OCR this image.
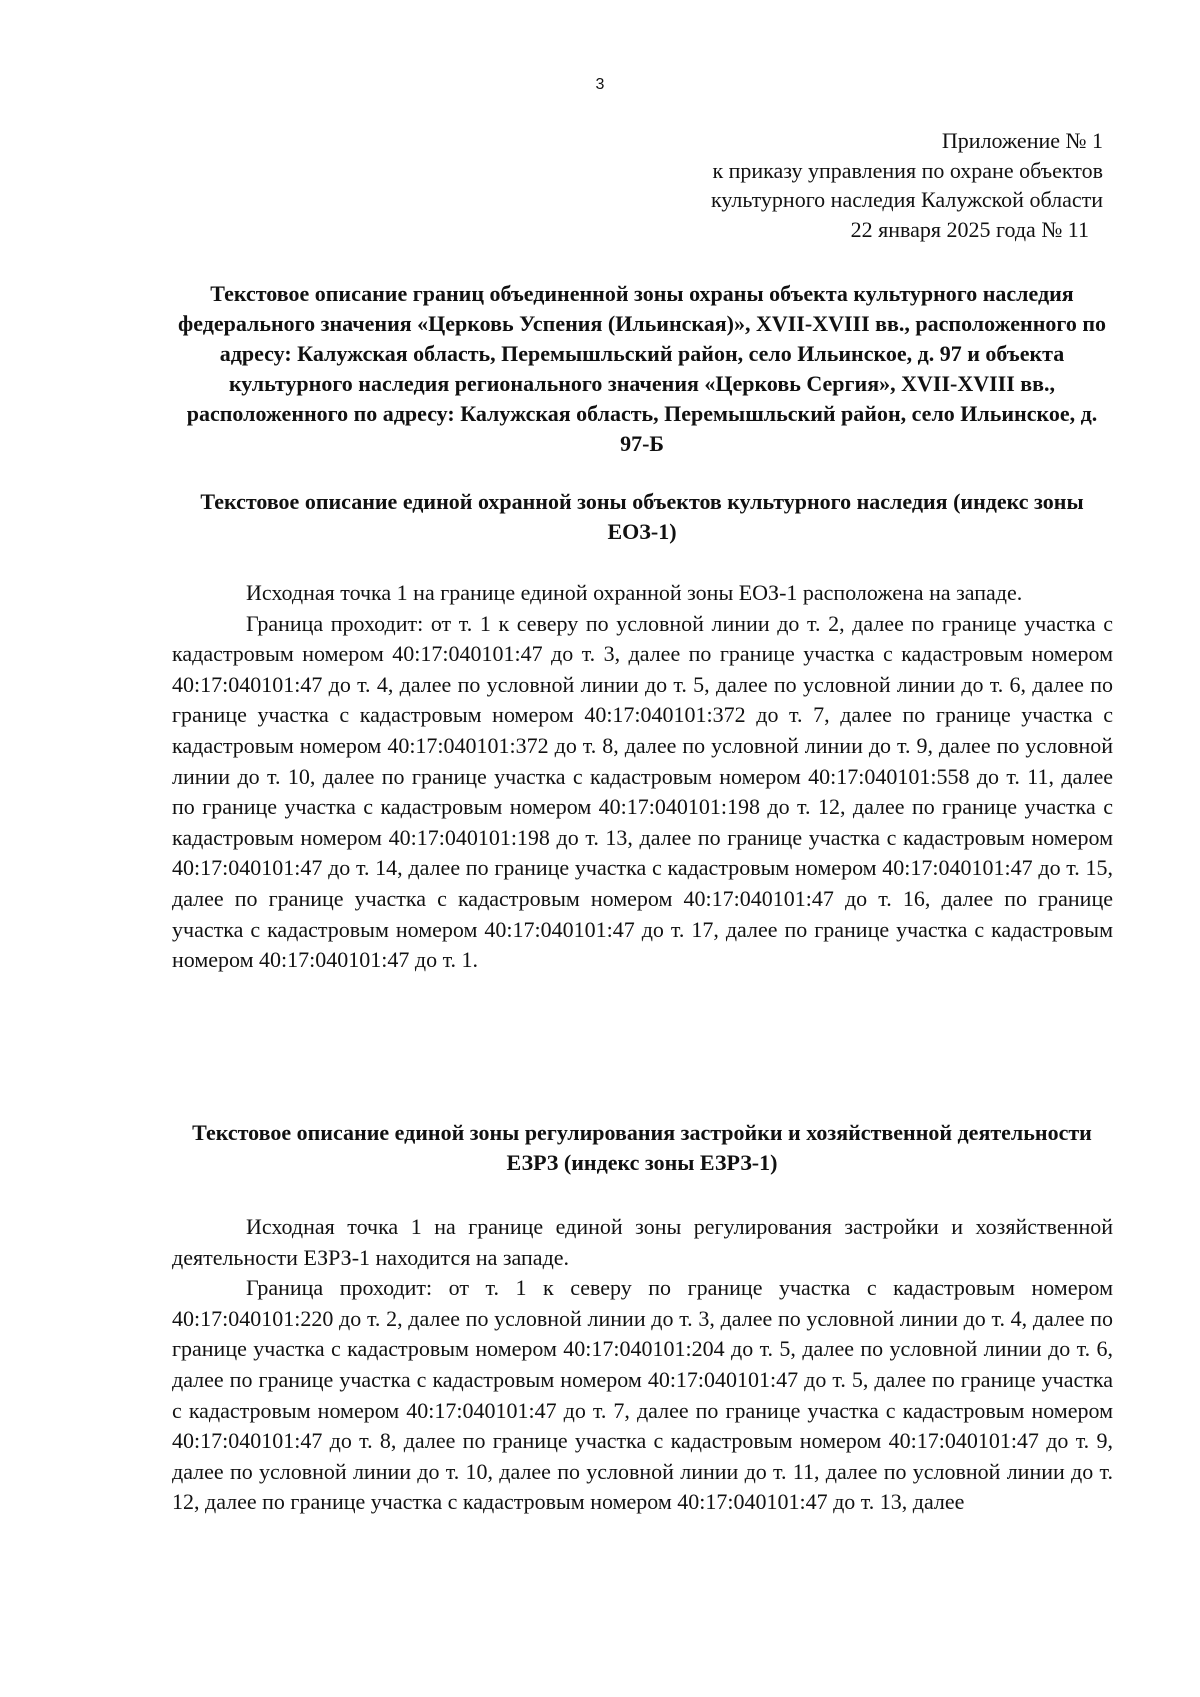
3
Приложение № 1
к приказу управления по охране объектов
культурного наследия Калужской области
22 января 2025 года № 11
Текстовое описание границ объединенной зоны охраны объекта культурного наследия федерального значения «Церковь Успения (Ильинская)», XVII-XVIII вв., расположенного по адресу: Калужская область, Перемышльский район, село Ильинское, д. 97 и объекта культурного наследия регионального значения «Церковь Сергия», XVII-XVIII вв., расположенного по адресу: Калужская область, Перемышльский район, село Ильинское, д. 97-Б
Текстовое описание единой охранной зоны объектов культурного наследия (индекс зоны ЕОЗ-1)

Исходная точка 1 на границе единой охранной зоны ЕОЗ-1 расположена на западе.

Граница проходит: от т. 1 к северу по условной линии до т. 2, далее по границе участка с кадастровым номером 40:17:040101:47 до т. 3, далее по границе участка с кадастровым номером 40:17:040101:47 до т. 4, далее по условной линии до т. 5, далее по условной линии до т. 6, далее по границе участка с кадастровым номером 40:17:040101:372 до т. 7, далее по границе участка с кадастровым номером 40:17:040101:372 до т. 8, далее по условной линии до т. 9, далее по условной линии до т. 10, далее по границе участка с кадастровым номером 40:17:040101:558 до т. 11, далее по границе участка с кадастровым номером 40:17:040101:198 до т. 12, далее по границе участка с кадастровым номером 40:17:040101:198 до т. 13, далее по границе участка с кадастровым номером 40:17:040101:47 до т. 14, далее по границе участка с кадастровым номером 40:17:040101:47 до т. 15, далее по границе участка с кадастровым номером 40:17:040101:47 до т. 16, далее по границе участка с кадастровым номером 40:17:040101:47 до т. 17, далее по границе участка с кадастровым номером 40:17:040101:47 до т. 1.

Текстовое описание единой зоны регулирования застройки и хозяйственной деятельности ЕЗРЗ (индекс зоны ЕЗРЗ-1)

Исходная точка 1 на границе единой зоны регулирования застройки и хозяйственной деятельности ЕЗРЗ-1 находится на западе.

Граница проходит: от т. 1 к северу по границе участка с кадастровым номером 40:17:040101:220 до т. 2, далее по условной линии до т. 3, далее по условной линии до т. 4, далее по границе участка с кадастровым номером 40:17:040101:204 до т. 5, далее по условной линии до т. 6, далее по границе участка с кадастровым номером 40:17:040101:47 до т. 5, далее по границе участка с кадастровым номером 40:17:040101:47 до т. 7, далее по границе участка с кадастровым номером 40:17:040101:47 до т. 8, далее по границе участка с кадастровым номером 40:17:040101:47 до т. 9, далее по условной линии до т. 10, далее по условной линии до т. 11, далее по условной линии до т. 12, далее по границе участка с кадастровым номером 40:17:040101:47 до т. 13, далее
